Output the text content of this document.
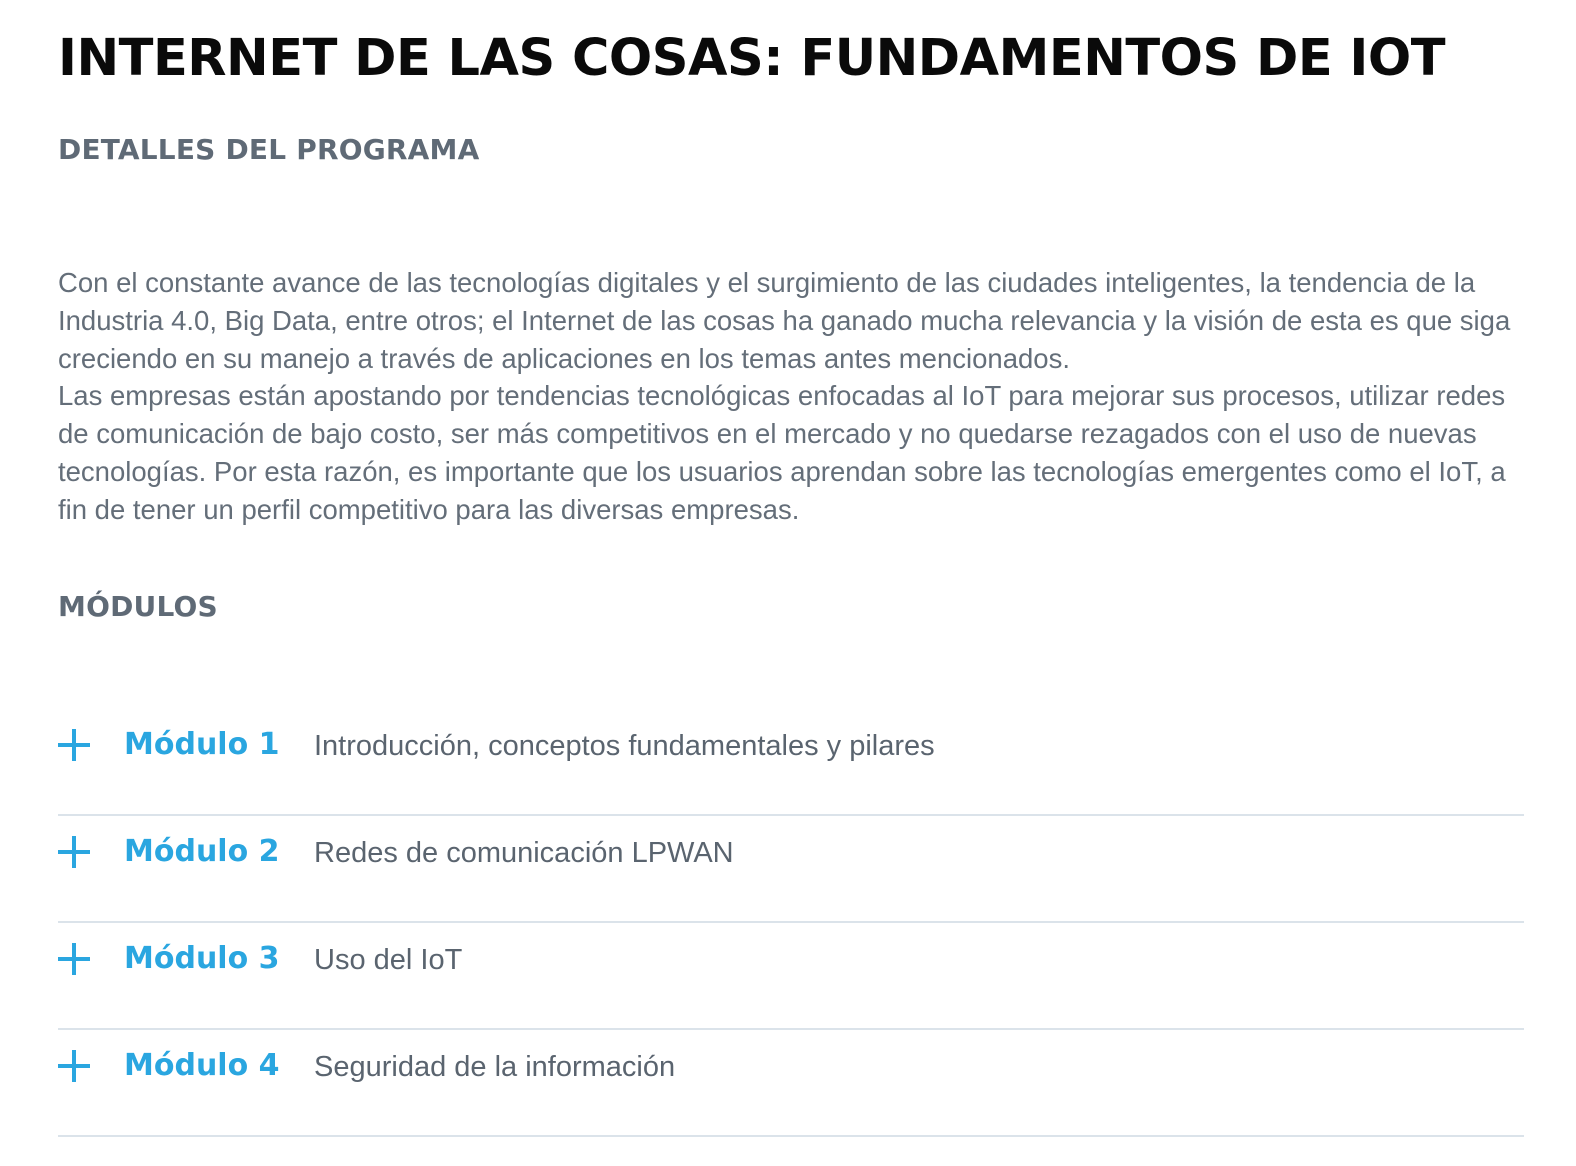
INTERNET DE LAS COSAS: FUNDAMENTOS DE IOT
DETALLES DEL PROGRAMA

Con el constante avance de las tecnologías digitales y el surgimiento de las ciudades inteligentes, la tendencia de la Industria 4.0, Big Data, entre otros; el Internet de las cosas ha ganado mucha relevancia y la visión de esta es que siga creciendo en su manejo a través de aplicaciones en los temas antes mencionados.

Las empresas están apostando por tendencias tecnológicas enfocadas al IoT para mejorar sus procesos, utilizar redes de comunicación de bajo costo, ser más competitivos en el mercado y no quedarse rezagados con el uso de nuevas tecnologías. Por esta razón, es importante que los usuarios aprendan sobre las tecnologías emergentes como el IoT, a fin de tener un perfil competitivo para las diversas empresas.

MÓDULOS
Módulo 1 Introducción, conceptos fundamentales y pilares
Módulo 2 Redes de comunicación LPWAN
Módulo 3 Uso del IoT
Módulo 4 Seguridad de la información
